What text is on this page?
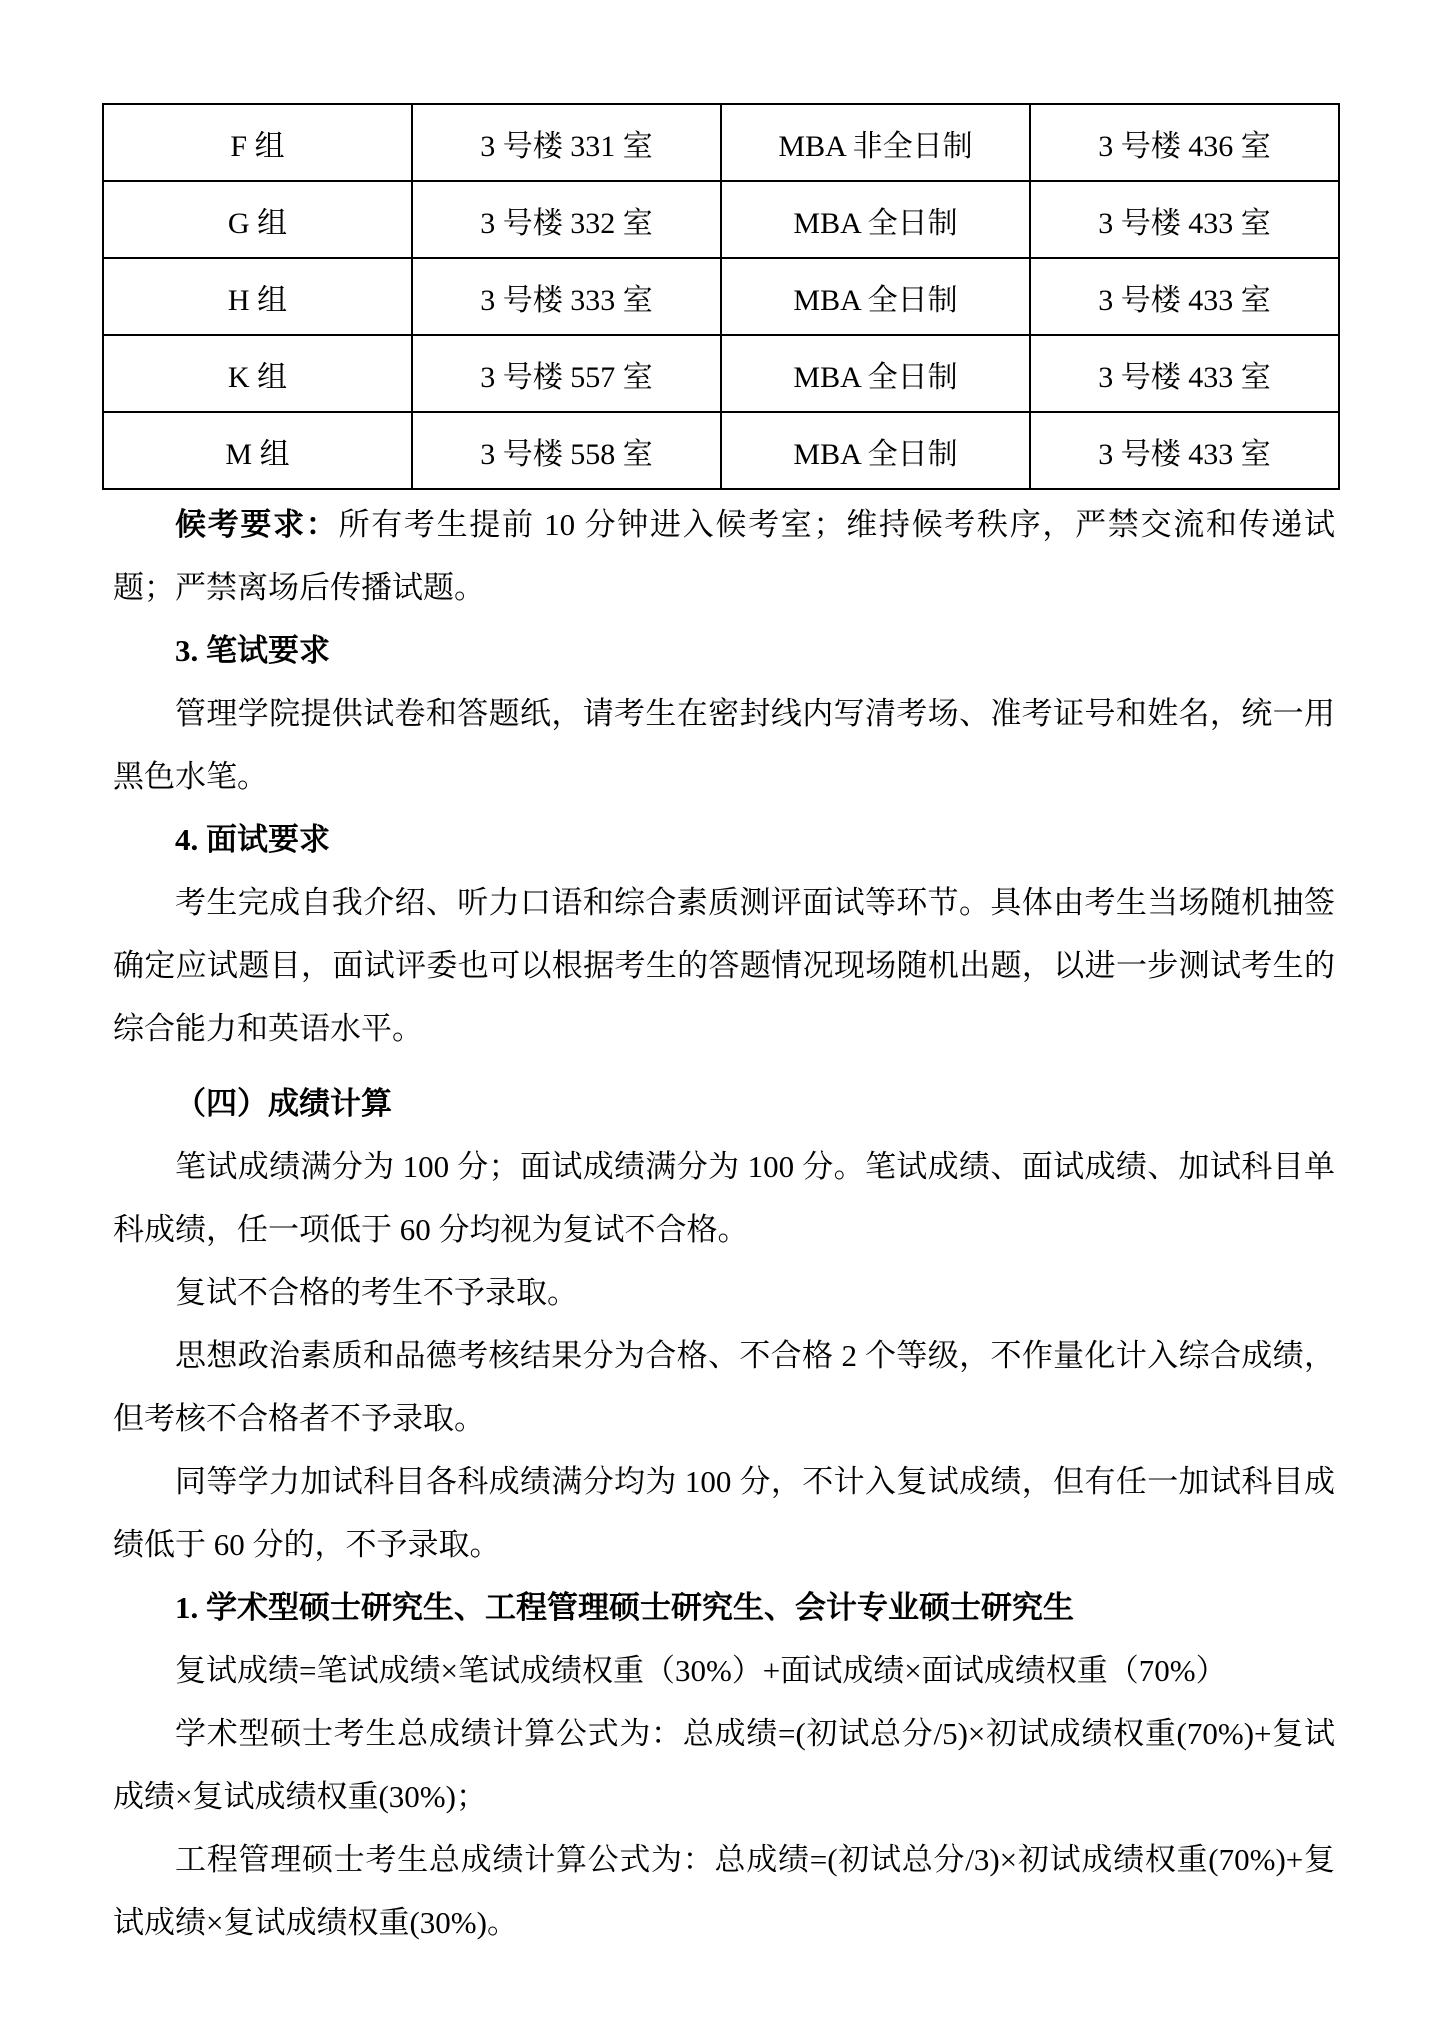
F 组	3 号楼 331 室	MBA 非全日制	3 号楼 436 室
G 组	3 号楼 332 室	MBA 全日制	3 号楼 433 室
H 组	3 号楼 333 室	MBA 全日制	3 号楼 433 室
K 组	3 号楼 557 室	MBA 全日制	3 号楼 433 室
M 组	3 号楼 558 室	MBA 全日制	3 号楼 433 室

候考要求：所有考生提前 10 分钟进入候考室；维持候考秩序，严禁交流和传递试题；严禁离场后传播试题。

3. 笔试要求

管理学院提供试卷和答题纸，请考生在密封线内写清考场、准考证号和姓名，统一用黑色水笔。

4. 面试要求

考生完成自我介绍、听力口语和综合素质测评面试等环节。具体由考生当场随机抽签确定应试题目，面试评委也可以根据考生的答题情况现场随机出题，以进一步测试考生的综合能力和英语水平。

（四）成绩计算

笔试成绩满分为 100 分；面试成绩满分为 100 分。笔试成绩、面试成绩、加试科目单科成绩，任一项低于 60 分均视为复试不合格。

复试不合格的考生不予录取。

思想政治素质和品德考核结果分为合格、不合格 2 个等级，不作量化计入综合成绩，但考核不合格者不予录取。

同等学力加试科目各科成绩满分均为 100 分，不计入复试成绩，但有任一加试科目成绩低于 60 分的，不予录取。

1. 学术型硕士研究生、工程管理硕士研究生、会计专业硕士研究生

复试成绩=笔试成绩×笔试成绩权重（30%）+面试成绩×面试成绩权重（70%）

学术型硕士考生总成绩计算公式为：总成绩=(初试总分/5)×初试成绩权重(70%)+复试成绩×复试成绩权重(30%)；

工程管理硕士考生总成绩计算公式为：总成绩=(初试总分/3)×初试成绩权重(70%)+复试成绩×复试成绩权重(30%)。
